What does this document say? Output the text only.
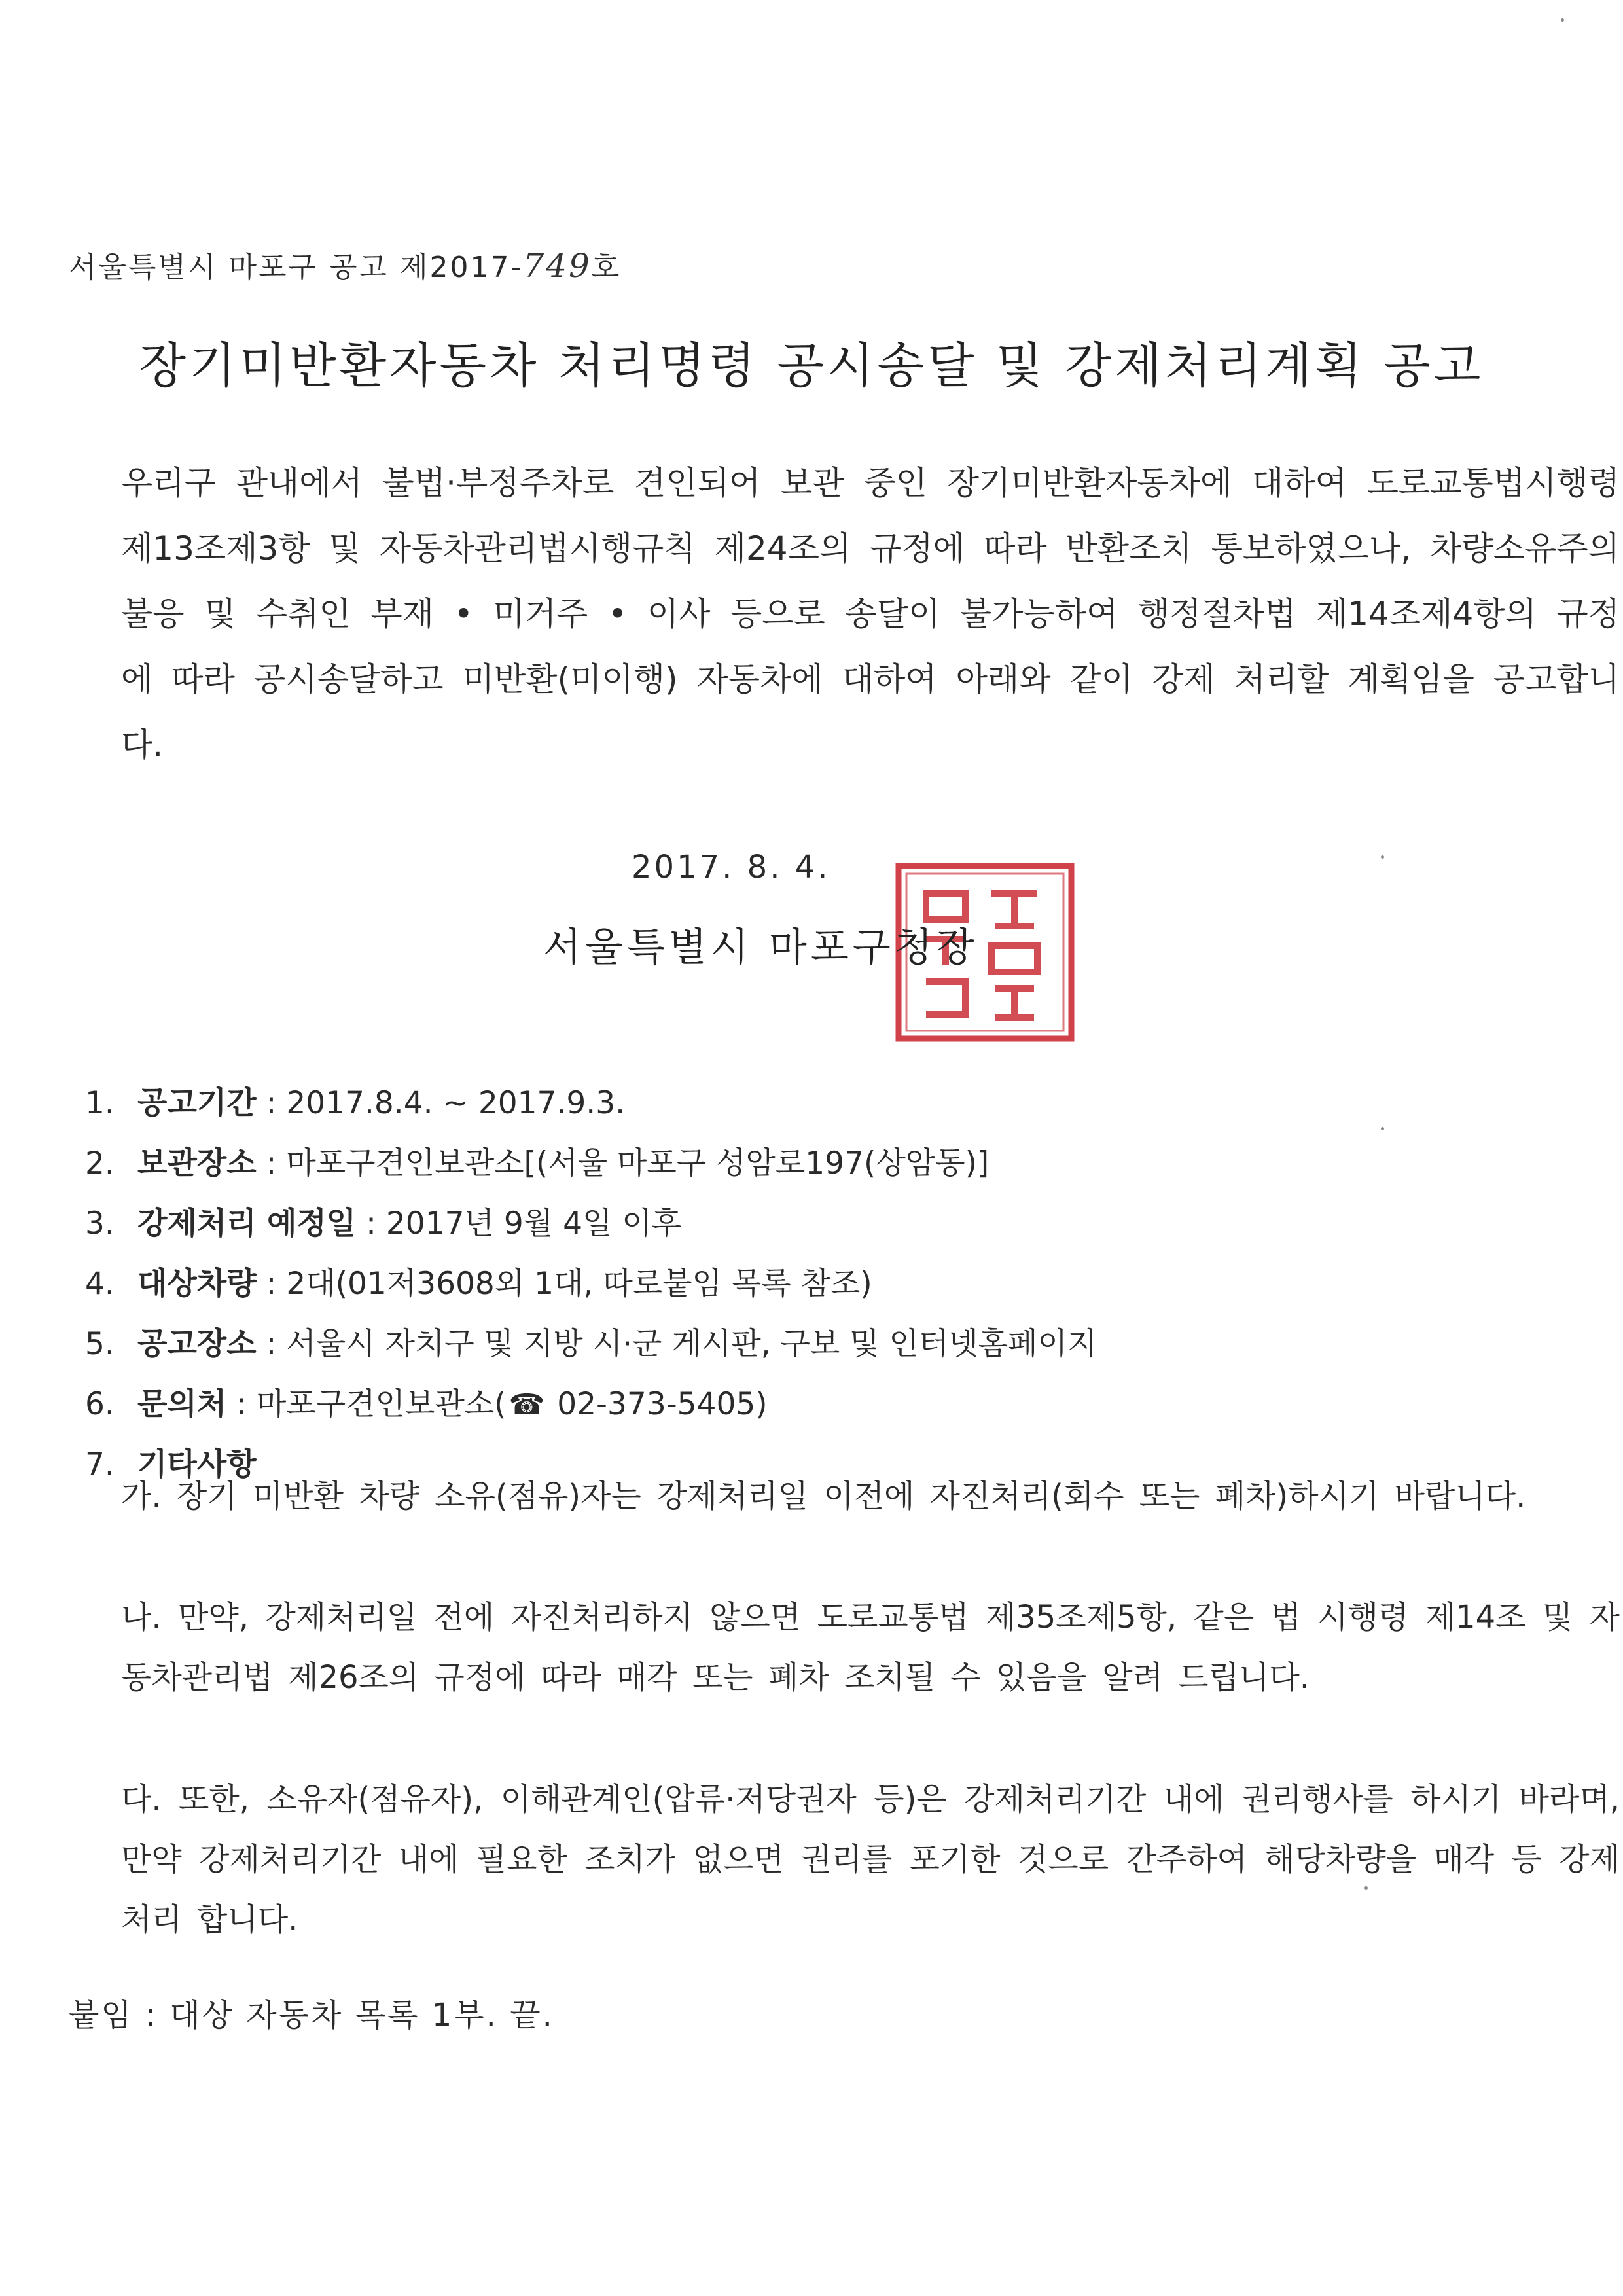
서울특별시 마포구 공고 제2017-749호
장기미반환자동차 처리명령 공시송달 및 강제처리계획 공고
우리구 관내에서 불법·부정주차로 견인되어 보관 중인 장기미반환자동차에 대하여 도로교통법시행령 제13조제3항 및 자동차관리법시행규칙 제24조의 규정에 따라 반환조치 통보하였으나, 차량소유주의 불응 및 수취인 부재 • 미거주 • 이사 등으로 송달이 불가능하여 행정절차법 제14조제4항의 규정에 따라 공시송달하고 미반환(미이행) 자동차에 대하여 아래와 같이 강제 처리할 계획임을 공고합니다.
2017. 8. 4.
서울특별시 마포구청장
1. 공고기간 : 2017.8.4. ~ 2017.9.3.
2. 보관장소 : 마포구견인보관소[(서울 마포구 성암로197(상암동)]
3. 강제처리 예정일 : 2017년 9월 4일 이후
4. 대상차량 : 2대(01저3608외 1대, 따로붙임 목록 참조)
5. 공고장소 : 서울시 자치구 및 지방 시·군 게시판, 구보 및 인터넷홈페이지
6. 문의처 : 마포구견인보관소(☎ 02-373-5405)
7. 기타사항
가. 장기 미반환 차량 소유(점유)자는 강제처리일 이전에 자진처리(회수 또는 폐차)하시기 바랍니다.
나. 만약, 강제처리일 전에 자진처리하지 않으면 도로교통법 제35조제5항, 같은 법 시행령 제14조 및 자동차관리법 제26조의 규정에 따라 매각 또는 폐차 조치될 수 있음을 알려 드립니다.
다. 또한, 소유자(점유자), 이해관계인(압류·저당권자 등)은 강제처리기간 내에 권리행사를 하시기 바라며, 만약 강제처리기간 내에 필요한 조치가 없으면 권리를 포기한 것으로 간주하여 해당차량을 매각 등 강제 처리 합니다.
붙임 : 대상 자동차 목록 1부. 끝.
